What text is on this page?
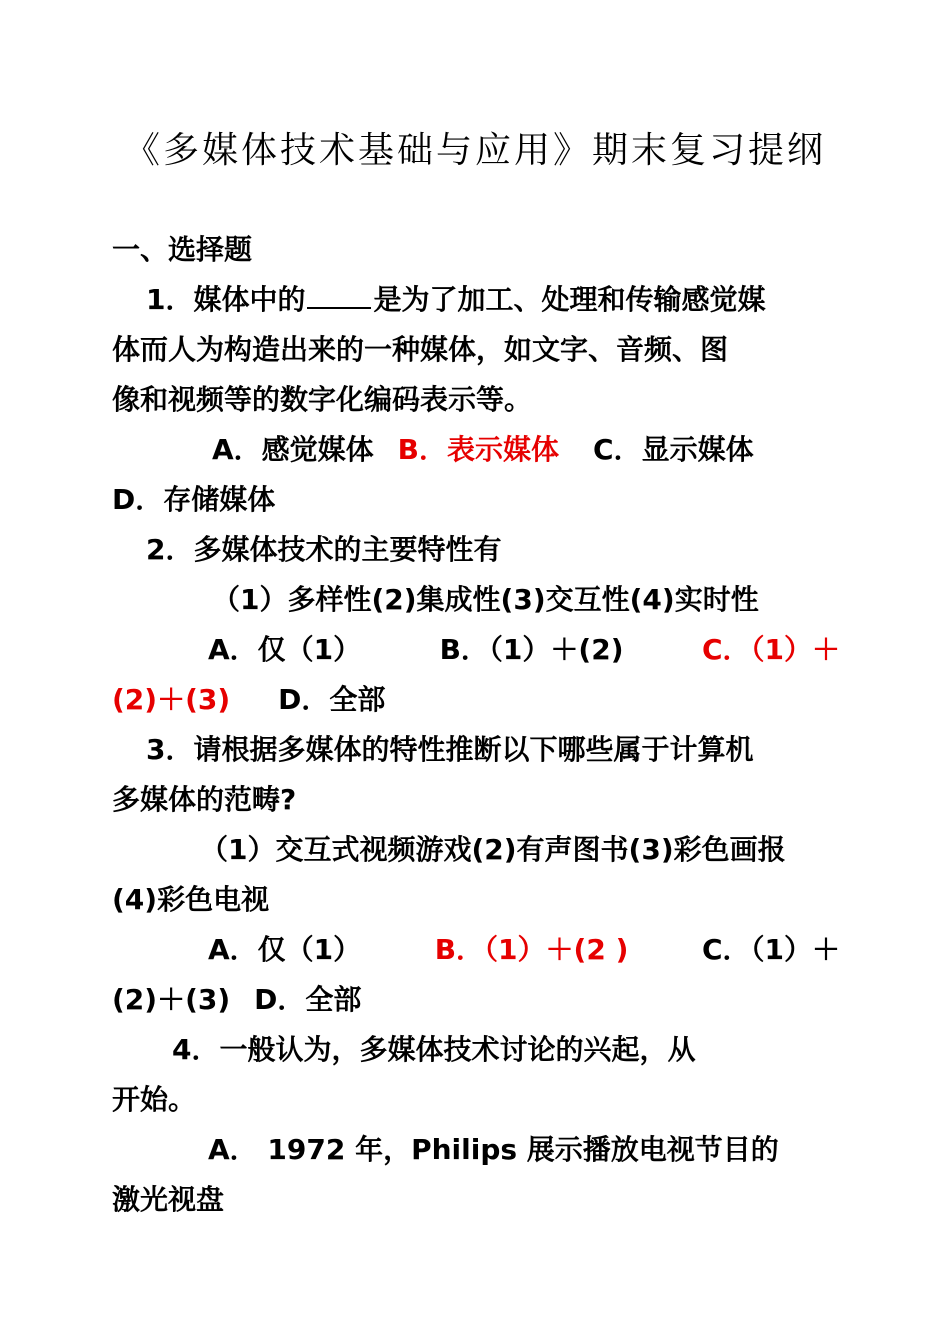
《多媒体技术基础与应用》期末复习提纲

一、选择题

1．媒体中的 是为了加工、处理和传输感觉媒

体而人为构造出来的一种媒体，如文字、音频、图

像和视频等的数字化编码表示等。

A．感觉媒体 B．表示媒体 C．显示媒体

D．存储媒体

2．多媒体技术的主要特性有

（1）多样性(2)集成性(3)交互性(4)实时性

A．仅（1）	B．（1）＋(2)	C．（1）＋

(2)＋(3) D．全部

3．请根据多媒体的特性推断以下哪些属于计算机

多媒体的范畴?

（1）交互式视频游戏(2)有声图书(3)彩色画报

(4)彩色电视

A．仅（1）	B．（1）＋(2 )	C．（1）＋

(2)＋(3) D．全部

4．一般认为，多媒体技术讨论的兴起，从

开始。

A． 1972 年，Philips 展示播放电视节目的

激光视盘
